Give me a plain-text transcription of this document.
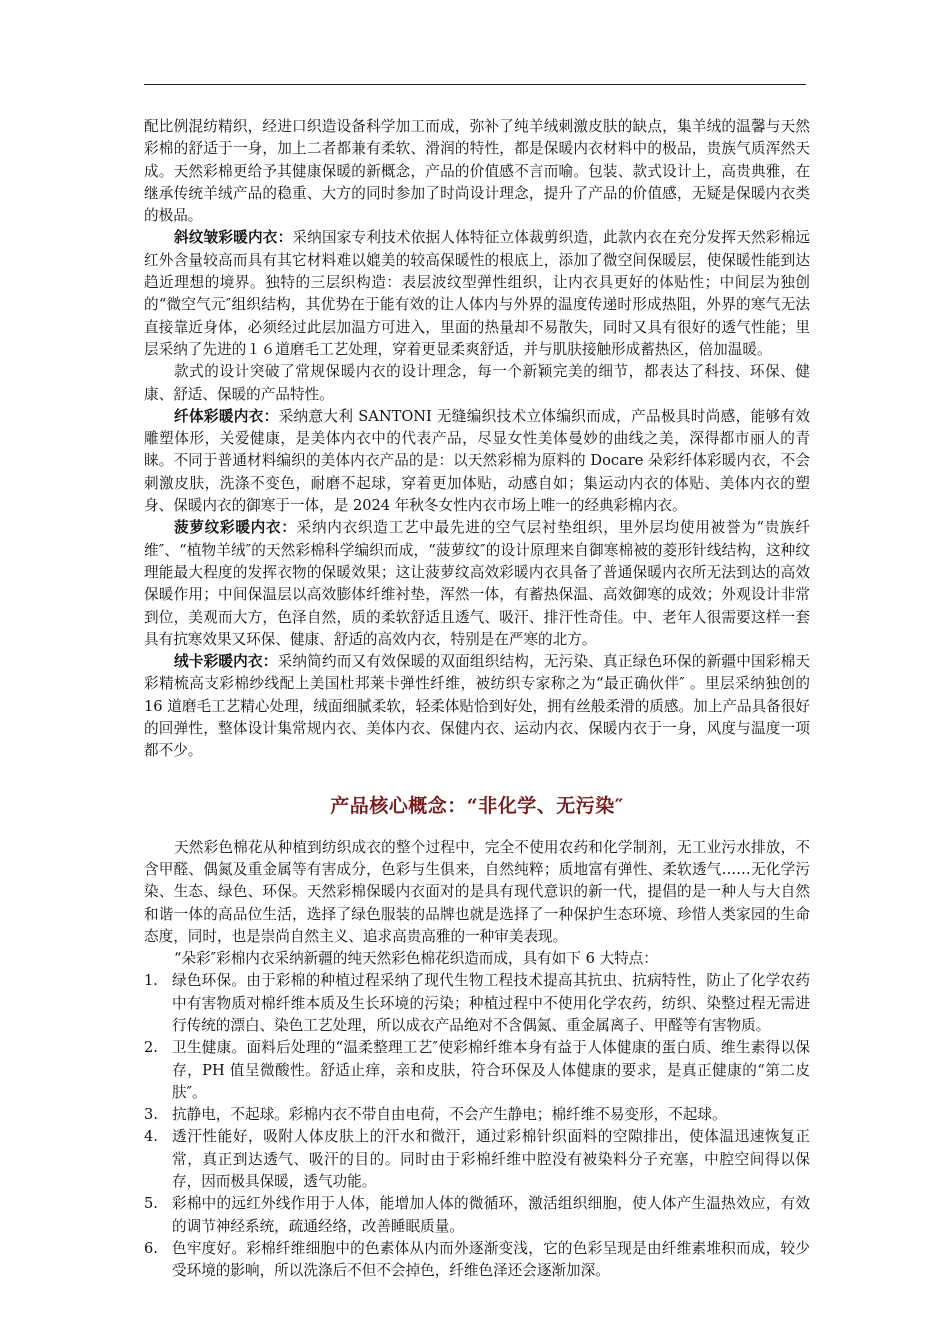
配比例混纺精织，经进口织造设备科学加工而成，弥补了纯羊绒刺激皮肤的缺点，集羊绒的温馨与天然彩棉的舒适于一身，加上二者都兼有柔软、滑润的特性，都是保暖内衣材料中的极品，贵族气质浑然天成。天然彩棉更给予其健康保暖的新概念，产品的价值感不言而喻。包装、款式设计上，高贵典雅，在继承传统羊绒产品的稳重、大方的同时参加了时尚设计理念，提升了产品的价值感，无疑是保暖内衣类的极品。

斜纹皱彩暖内衣：采纳国家专利技术依据人体特征立体裁剪织造，此款内衣在充分发挥天然彩棉远红外含量较高而具有其它材料难以媲美的较高保暖性的根底上，添加了微空间保暖层，使保暖性能到达趋近理想的境界。独特的三层织构造：表层波纹型弹性组织，让内衣具更好的体贴性；中间层为独创的“微空气元″组织结构，其优势在于能有效的让人体内与外界的温度传递时形成热阻，外界的寒气无法直接靠近身体，必须经过此层加温方可进入，里面的热量却不易散失，同时又具有很好的透气性能；里层采纳了先进的１６道磨毛工艺处理，穿着更显柔爽舒适，并与肌肤接触形成蓄热区，倍加温暖。

款式的设计突破了常规保暖内衣的设计理念，每一个新颖完美的细节，都表达了科技、环保、健康、舒适、保暖的产品特性。

纤体彩暖内衣：采纳意大利 SANTONI 无缝编织技术立体编织而成，产品极具时尚感，能够有效雕塑体形，关爱健康，是美体内衣中的代表产品，尽显女性美体曼妙的曲线之美，深得都市丽人的青睐。不同于普通材料编织的美体内衣产品的是：以天然彩棉为原料的 Docare 朵彩纤体彩暖内衣，不会刺激皮肤，洗涤不变色，耐磨不起球，穿着更加体贴，动感自如；集运动内衣的体贴、美体内衣的塑身、保暖内衣的御寒于一体，是 2024 年秋冬女性内衣市场上唯一的经典彩棉内衣。

菠萝纹彩暖内衣：采纳内衣织造工艺中最先进的空气层衬垫组织，里外层均使用被誉为“贵族纤维″、“植物羊绒″的天然彩棉科学编织而成，“菠萝纹″的设计原理来自御寒棉被的菱形针线结构，这种纹理能最大程度的发挥衣物的保暖效果；这让菠萝纹高效彩暖内衣具备了普通保暖内衣所无法到达的高效保暖作用；中间保温层以高效膨体纤维衬垫，浑然一体，有蓄热保温、高效御寒的成效；外观设计非常到位，美观而大方，色泽自然，质的柔软舒适且透气、吸汗、排汗性奇佳。中、老年人很需要这样一套具有抗寒效果又环保、健康、舒适的高效内衣，特别是在严寒的北方。

绒卡彩暖内衣：采纳简约而又有效保暖的双面组织结构，无污染、真正绿色环保的新疆中国彩棉天彩精梳高支彩棉纱线配上美国杜邦莱卡弹性纤维，被纺织专家称之为“最正确伙伴″ 。里层采纳独创的 16 道磨毛工艺精心处理，绒面细腻柔软，轻柔体贴恰到好处，拥有丝般柔滑的质感。加上产品具备很好的回弹性，整体设计集常规内衣、美体内衣、保健内衣、运动内衣、保暖内衣于一身，风度与温度一项都不少。

产品核心概念：“非化学、无污染″

天然彩色棉花从种植到纺织成衣的整个过程中，完全不使用农药和化学制剂，无工业污水排放，不含甲醛、偶氮及重金属等有害成分，色彩与生俱来，自然纯粹；质地富有弹性、柔软透气……无化学污染、生态、绿色、环保。天然彩棉保暖内衣面对的是具有现代意识的新一代，提倡的是一种人与大自然和谐一体的高品位生活，选择了绿色服装的品牌也就是选择了一种保护生态环境、珍惜人类家园的生命态度，同时，也是崇尚自然主义、追求高贵高雅的一种审美表现。

“朵彩″彩棉内衣采纳新疆的纯天然彩色棉花织造而成，具有如下 6 大特点：

1. 绿色环保。由于彩棉的种植过程采纳了现代生物工程技术提高其抗虫、抗病特性，防止了化学农药中有害物质对棉纤维本质及生长环境的污染；种植过程中不使用化学农药，纺织、染整过程无需进行传统的漂白、染色工艺处理，所以成衣产品绝对不含偶氮、重金属离子、甲醛等有害物质。
2. 卫生健康。面料后处理的“温柔整理工艺″使彩棉纤维本身有益于人体健康的蛋白质、维生素得以保存，PH 值呈微酸性。舒适止痒，亲和皮肤，符合环保及人体健康的要求，是真正健康的“第二皮肤″。
3. 抗静电，不起球。彩棉内衣不带自由电荷，不会产生静电；棉纤维不易变形，不起球。
4. 透汗性能好，吸附人体皮肤上的汗水和微汗，通过彩棉针织面料的空隙排出，使体温迅速恢复正常，真正到达透气、吸汗的目的。同时由于彩棉纤维中腔没有被染料分子充塞，中腔空间得以保存，因而极具保暖，透气功能。
5. 彩棉中的远红外线作用于人体，能增加人体的微循环，激活组织细胞，使人体产生温热效应，有效的调节神经系统，疏通经络，改善睡眠质量。
6. 色牢度好。彩棉纤维细胞中的色素体从内而外逐渐变浅，它的色彩呈现是由纤维素堆积而成，较少受环境的影响，所以洗涤后不但不会掉色，纤维色泽还会逐渐加深。
